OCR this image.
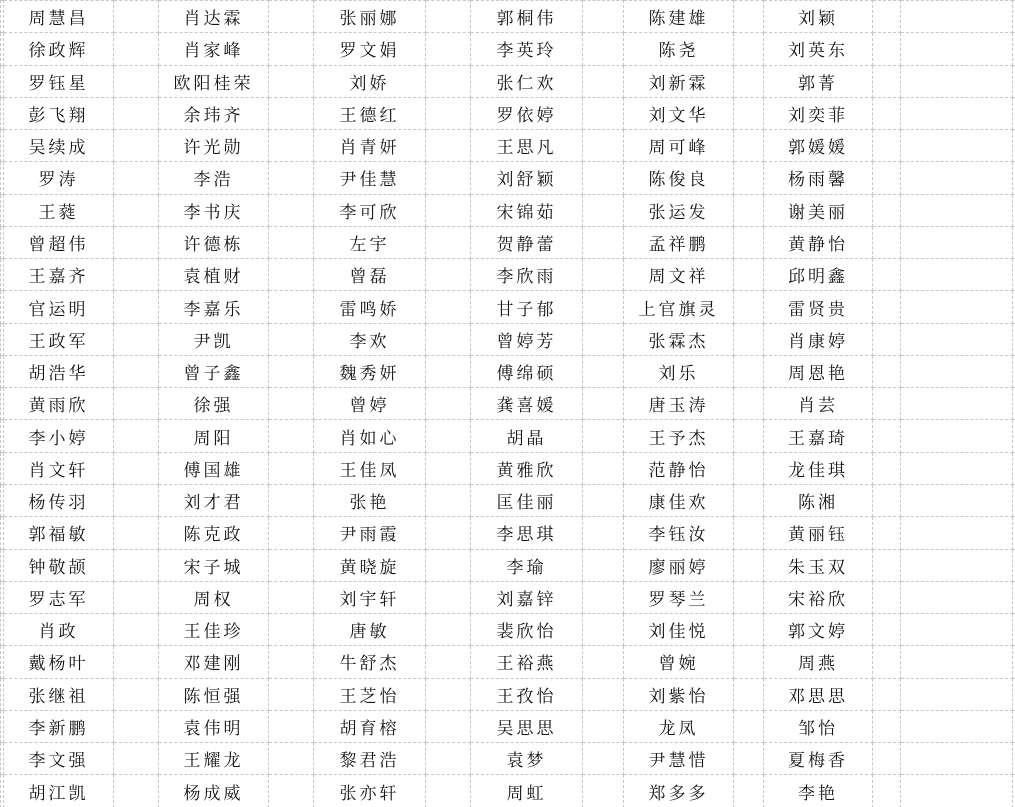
	周慧昌		肖达霖		张丽娜		郭桐伟		陈建雄		刘颖			
	徐政辉		肖家峰		罗文娟		李英玲		陈尧		刘英东			
	罗钰星		欧阳桂荣		刘娇		张仁欢		刘新霖		郭菁			
	彭飞翔		余玮齐		王德红		罗依婷		刘文华		刘奕菲			
	吴续成		许光勋		肖青妍		王思凡		周可峰		郭媛媛			
	罗涛		李浩		尹佳慧		刘舒颖		陈俊良		杨雨馨			
	王蕤		李书庆		李可欣		宋锦茹		张运发		谢美丽			
	曾超伟		许德栋		左宇		贺静蕾		孟祥鹏		黄静怡			
	王嘉齐		袁植财		曾磊		李欣雨		周文祥		邱明鑫			
	官运明		李嘉乐		雷鸣娇		甘子郁		上官旗灵		雷贤贵			
	王政军		尹凯		李欢		曾婷芳		张霖杰		肖康婷			
	胡浩华		曾子鑫		魏秀妍		傅绵硕		刘乐		周恩艳			
	黄雨欣		徐强		曾婷		龚喜媛		唐玉涛		肖芸			
	李小婷		周阳		肖如心		胡晶		王予杰		王嘉琦			
	肖文轩		傅国雄		王佳凤		黄雅欣		范静怡		龙佳琪			
	杨传羽		刘才君		张艳		匡佳丽		康佳欢		陈湘			
	郭福敏		陈克政		尹雨霞		李思琪		李钰汝		黄丽钰			
	钟敬颉		宋子城		黄晓旋		李瑜		廖丽婷		朱玉双			
	罗志军		周权		刘宇轩		刘嘉锌		罗琴兰		宋裕欣			
	肖政		王佳珍		唐敏		裴欣怡		刘佳悦		郭文婷			
	戴杨叶		邓建刚		牛舒杰		王裕燕		曾婉		周燕			
	张继祖		陈恒强		王芝怡		王孜怡		刘紫怡		邓思思			
	李新鹏		袁伟明		胡育榕		吴思思		龙凤		邹怡			
	李文强		王耀龙		黎君浩		袁梦		尹慧惜		夏梅香			
	胡江凯		杨成威		张亦轩		周虹		郑多多		李艳			
